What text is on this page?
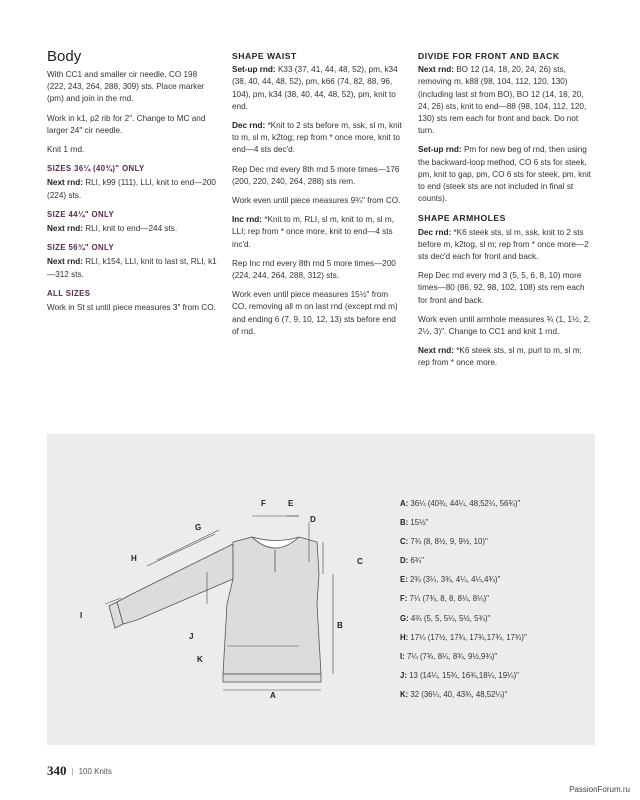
Body

With CC1 and smaller cir needle, CO 198 (222, 243, 264, 288, 309) sts. Place marker (pm) and join in the rnd.

Work in k1, p2 rib for 2". Change to MC and larger 24" cir needle.

Knit 1 rnd.

SIZES 36¼ (40¾)" ONLY

Next rnd: RLI, k99 (111), LLI, knit to end—200 (224) sts.

SIZE 44¼" ONLY

Next rnd: RLI, knit to end—244 sts.

SIZE 56¾" ONLY

Next rnd: RLI, k154, LLI, knit to last st, RLI, k1—312 sts.

ALL SIZES

Work in St st until piece measures 3" from CO.

SHAPE WAIST

Set-up rnd: K33 (37, 41, 44, 48, 52), pm, k34 (38, 40, 44, 48, 52), pm, k66 (74, 82, 88, 96, 104), pm, k34 (38, 40, 44, 48, 52), pm, knit to end.

Dec rnd: *Knit to 2 sts before m, ssk, sl m, knit to m, sl m, k2tog; rep from * once more, knit to end—4 sts dec'd.

Rep Dec rnd every 8th rnd 5 more times—176 (200, 220, 240, 264, 288) sts rem.

Work even until piece measures 9¾" from CO.

Inc rnd: *Knit to m, RLI, sl m, knit to m, sl m, LLI; rep from * once more, knit to end—4 sts inc'd.

Rep Inc rnd every 8th rnd 5 more times—200 (224, 244, 264, 288, 312) sts.

Work even until piece measures 15½" from CO, removing all m on last rnd (except rnd m) and ending 6 (7, 9, 10, 12, 13) sts before end of rnd.

DIVIDE FOR FRONT AND BACK

Next rnd: BO 12 (14, 18, 20, 24, 26) sts, removing m, k88 (98, 104, 112, 120, 130) (including last st from BO), BO 12 (14, 18, 20, 24, 26) sts, knit to end—88 (98, 104, 112, 120, 130) sts rem each for front and back. Do not turn.

Set-up rnd: Pm for new beg of rnd, then using the backward-loop method, CO 6 sts for steek, pm, knit to gap, pm, CO 6 sts for steek, pm, knit to end (steek sts are not included in final st counts).

SHAPE ARMHOLES

Dec rnd: *K6 steek sts, sl m, ssk, knit to 2 sts before m, k2tog, sl m; rep from * once more—2 sts dec'd each for front and back.

Rep Dec rnd every rnd 3 (5, 5, 6, 8, 10) more times—80 (86, 92, 98, 102, 108) sts rem each for front and back.

Work even until armhole measures ¾ (1, 1½, 2, 2½, 3)". Change to CC1 and knit 1 rnd.

Next rnd: *K6 steek sts, sl m, purl to m, sl m; rep from * once more.

A
B
C
D
E
F
G
H
I
J
K
A: 36¼ (40¾, 44¼, 48,52¼, 56¾)"
B: 15½"
C: 7¾ (8, 8½, 9, 9½, 10)"
D: 6¾"
E: 2¾ (3¼, 3¾, 4¼, 4¼,4¾)"
F: 7¼ (7¾, 8, 8, 8¼, 8¼)"
G: 4¾ (5, 5, 5¼, 5½, 5¾)"
H: 17¼ (17½, 17¾, 17¾,17¾, 17¾)"
I: 7¼ (7¾, 8¼, 8¾, 9½,9¾)"
J: 13 (14¼, 15¾, 16¾,18¼, 19¼)"
K: 32 (36¼, 40, 43¾, 48,52¼)"
340 | 100 Knits
PassionForum.ru
